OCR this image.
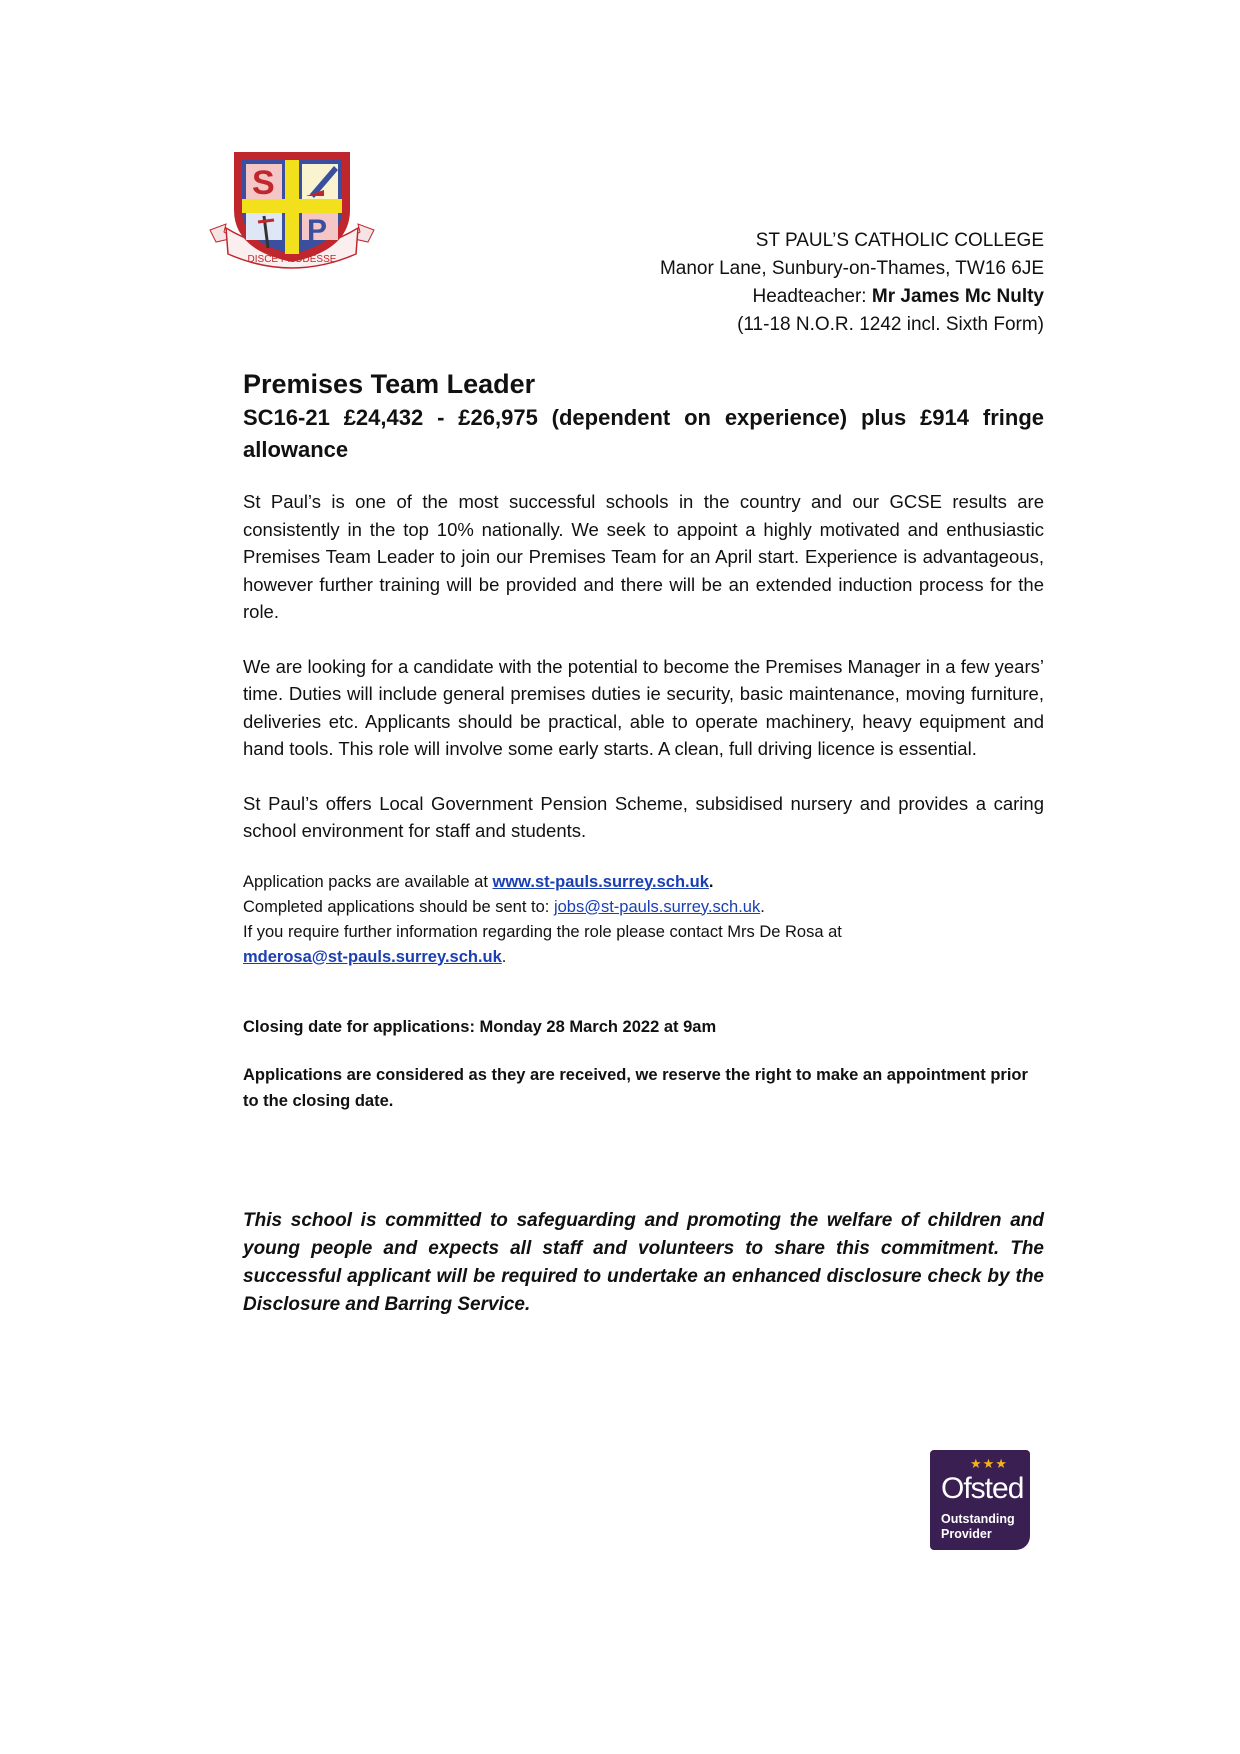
S
P
DISCE PRODESSE
ST PAUL’S CATHOLIC COLLEGE
Manor Lane, Sunbury-on-Thames, TW16 6JE
Headteacher: Mr James Mc Nulty
(11-18 N.O.R. 1242 incl. Sixth Form)
Premises Team Leader

SC16-21 £24,432 - £26,975 (dependent on experience) plus £914 fringe allowance

St Paul’s is one of the most successful schools in the country and our GCSE results are consistently in the top 10% nationally. We seek to appoint a highly motivated and enthusiastic Premises Team Leader to join our Premises Team for an April start. Experience is advantageous, however further training will be provided and there will be an extended induction process for the role.

We are looking for a candidate with the potential to become the Premises Manager in a few years’ time. Duties will include general premises duties ie security, basic maintenance, moving furniture, deliveries etc. Applicants should be practical, able to operate machinery, heavy equipment and hand tools. This role will involve some early starts. A clean, full driving licence is essential.

St Paul’s offers Local Government Pension Scheme, subsidised nursery and provides a caring school environment for staff and students.

Application packs are available at www.st-pauls.surrey.sch.uk.
Completed applications should be sent to: jobs@st-pauls.surrey.sch.uk.
If you require further information regarding the role please contact Mrs De Rosa at
mderosa@st-pauls.surrey.sch.uk.

Closing date for applications: Monday 28 March 2022 at 9am

Applications are considered as they are received, we reserve the right to make an appointment prior to the closing date.

This school is committed to safeguarding and promoting the welfare of children and young people and expects all staff and volunteers to share this commitment. The successful applicant will be required to undertake an enhanced disclosure check by the Disclosure and Barring Service.

★★★
Ofsted
Outstanding
Provider
